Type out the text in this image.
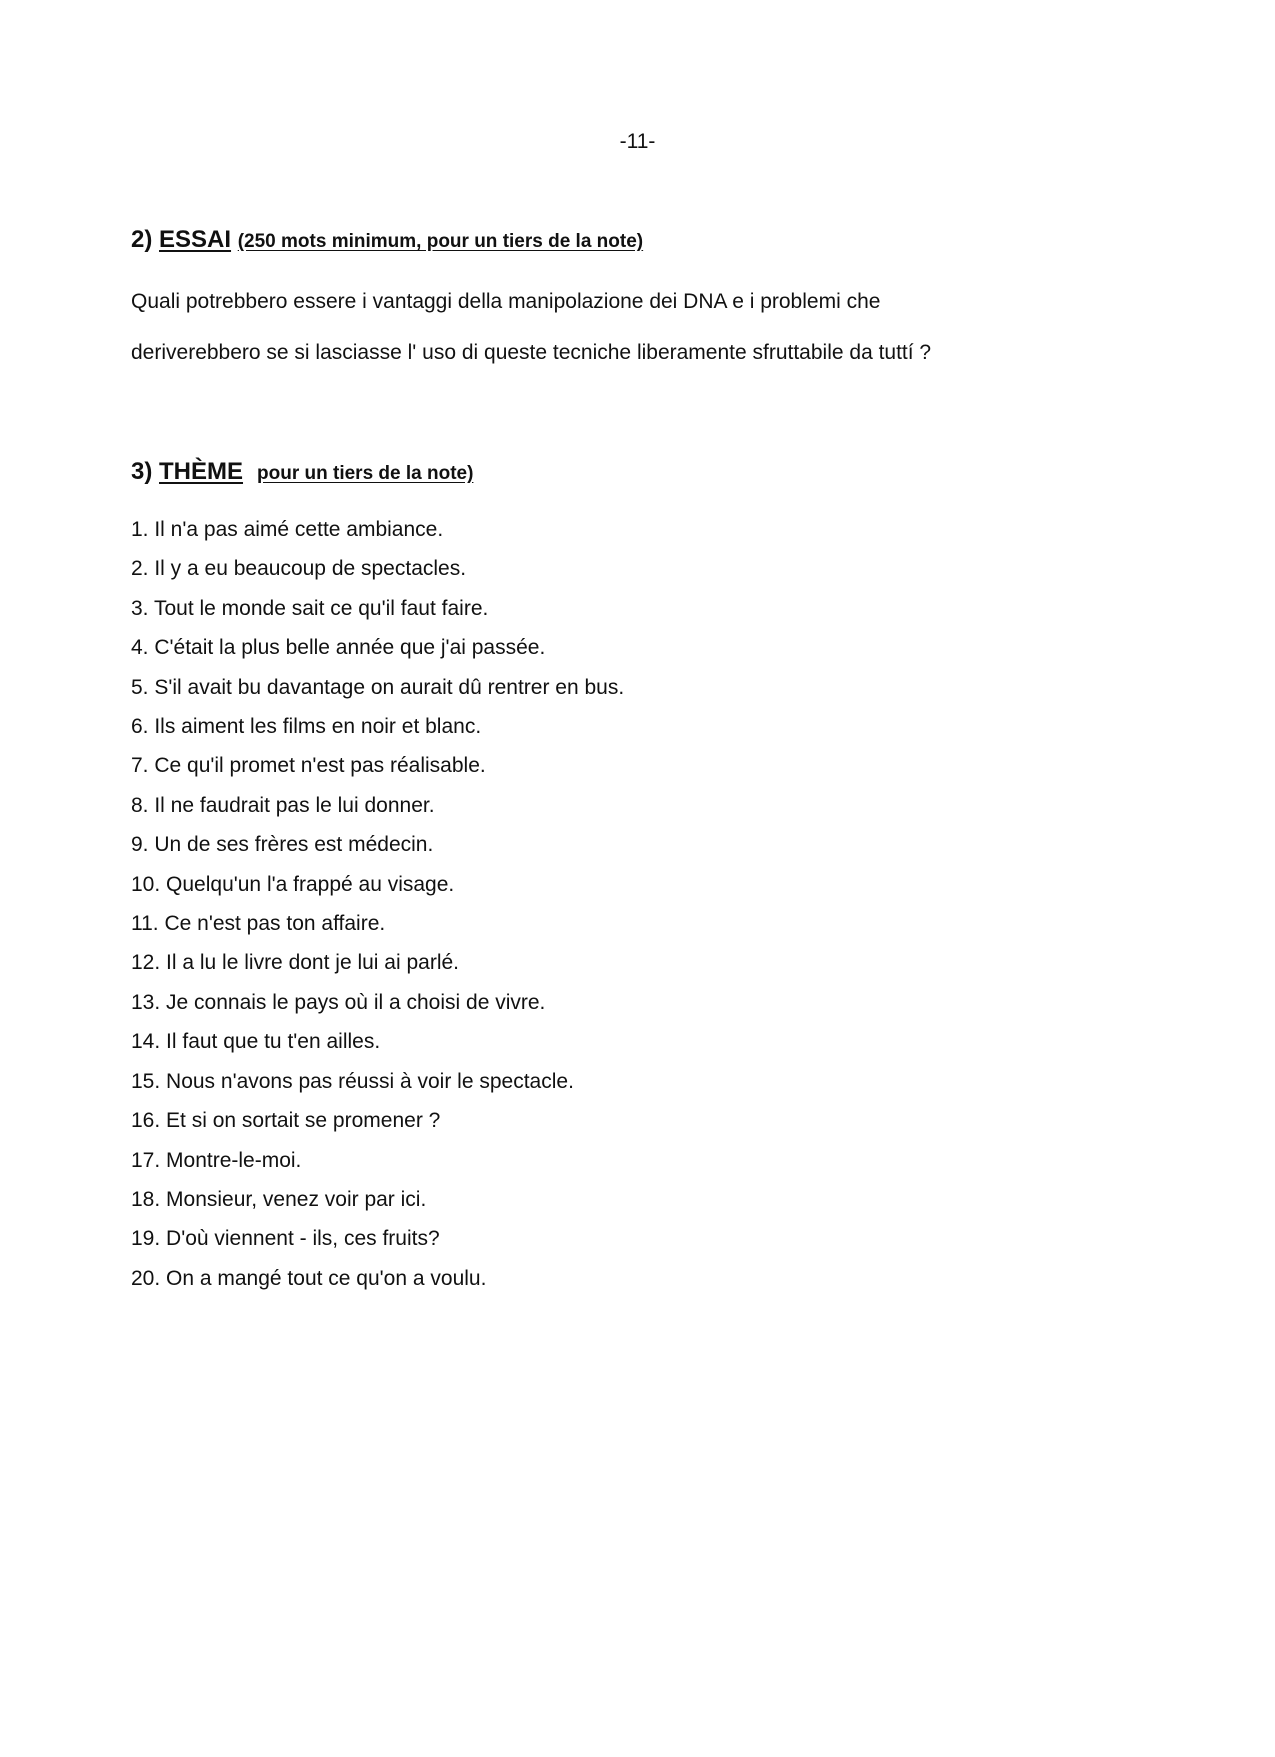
-11-
2) ESSAI (250 mots minimum, pour un tiers de la note)

Quali potrebbero essere i vantaggi della manipolazione dei DNA e i problemi che

deriverebbero se si lasciasse l' uso di queste tecniche liberamente sfruttabile da tuttí ?

3) THÈME pour un tiers de la note)
1. Il n'a pas aimé cette ambiance.
2. Il y a eu beaucoup de spectacles.
3. Tout le monde sait ce qu'il faut faire.
4. C'était la plus belle année que j'ai passée.
5. S'il avait bu davantage on aurait dû rentrer en bus.
6. Ils aiment les films en noir et blanc.
7. Ce qu'il promet n'est pas réalisable.
8. Il ne faudrait pas le lui donner.
9. Un de ses frères est médecin.
10. Quelqu'un l'a frappé au visage.
11. Ce n'est pas ton affaire.
12. Il a lu le livre dont je lui ai parlé.
13. Je connais le pays où il a choisi de vivre.
14. Il faut que tu t'en ailles.
15. Nous n'avons pas réussi à voir le spectacle.
16. Et si on sortait se promener ?
17. Montre-le-moi.
18. Monsieur, venez voir par ici.
19. D'où viennent - ils, ces fruits?
20. On a mangé tout ce qu'on a voulu.
